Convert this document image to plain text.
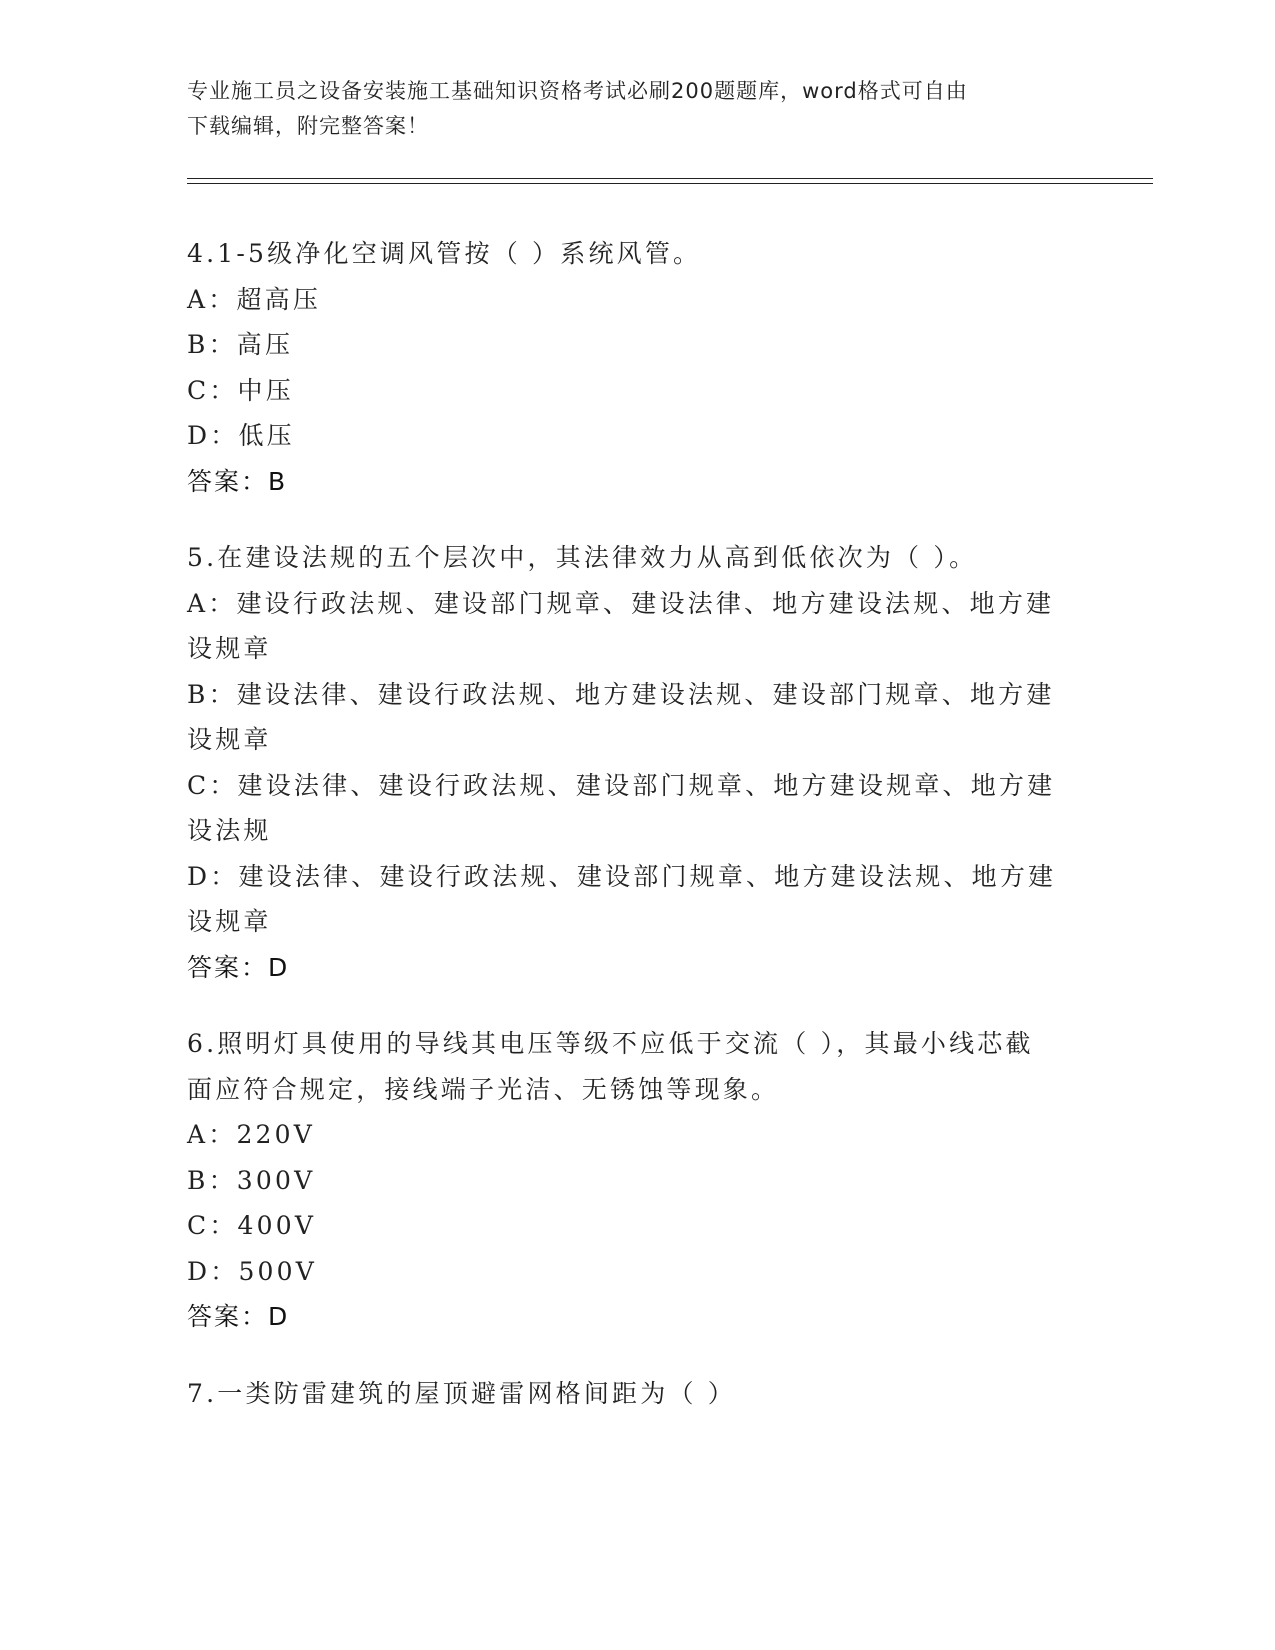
专业施工员之设备安装施工基础知识资格考试必刷200题题库，word格式可自由
下载编辑，附完整答案！
4.1-5级净化空调风管按（ ）系统风管。
A：超高压
B：高压
C：中压
D：低压
答案：B
5.在建设法规的五个层次中，其法律效力从高到低依次为（ ）。
A：建设行政法规、建设部门规章、建设法律、地方建设法规、地方建
设规章
B：建设法律、建设行政法规、地方建设法规、建设部门规章、地方建
设规章
C：建设法律、建设行政法规、建设部门规章、地方建设规章、地方建
设法规
D：建设法律、建设行政法规、建设部门规章、地方建设法规、地方建
设规章
答案：D
6.照明灯具使用的导线其电压等级不应低于交流（ ），其最小线芯截
面应符合规定，接线端子光洁、无锈蚀等现象。
A：220V
B：300V
C：400V
D：500V
答案：D
7.一类防雷建筑的屋顶避雷网格间距为（ ）
